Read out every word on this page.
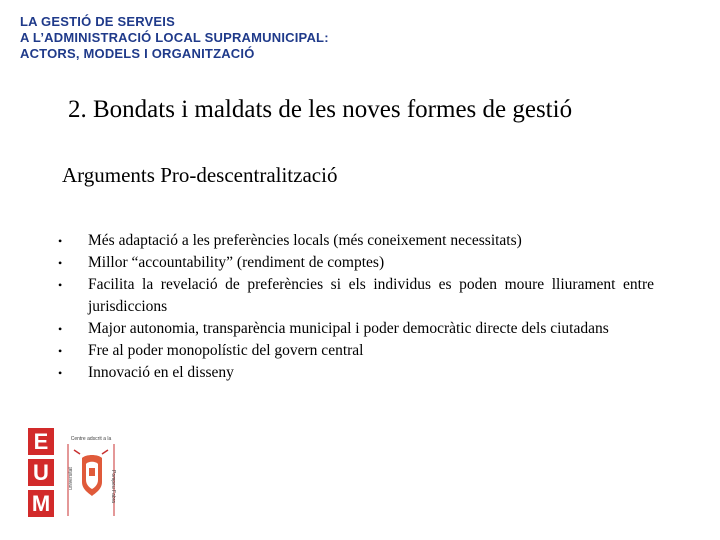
LA GESTIÓ DE SERVEIS
A L’ADMINISTRACIÓ LOCAL SUPRAMUNICIPAL:
ACTORS, MODELS I ORGANITZACIÓ
2. Bondats i maldats de les noves formes de gestió
Arguments Pro-descentralització
• Més adaptació a les preferències locals (més coneixement necessitats)
• Millor “accountability” (rendiment de comptes)
• Facilita la revelació de preferències si els individus es poden moure lliurament entre jurisdiccions
• Major autonomia, transparència municipal i poder democràtic directe dels ciutadans
• Fre al poder monopolístic del govern central
• Innovació en el disseny
E
U
M
Centre adscrit a la
universitat	Pompeu Fabra
